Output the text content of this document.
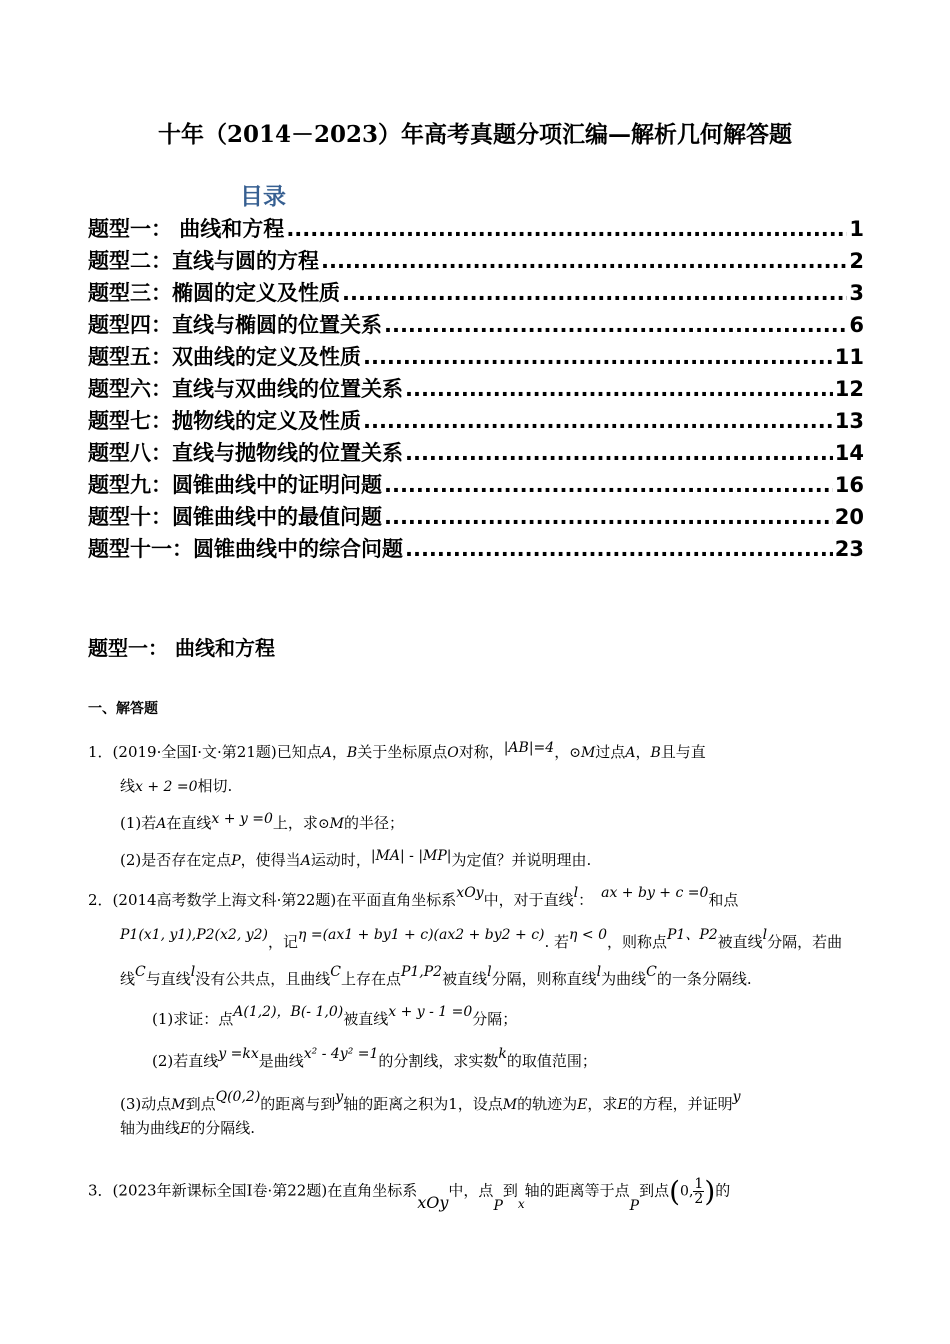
十年（2014－2023）年高考真题分项汇编—解析几何解答题
目录
题型一： 曲线和方程 .....	1
题型二：直线与圆的方程 .....	2
题型三：椭圆的定义及性质 .....	3
题型四：直线与椭圆的位置关系 .....	6
题型五：双曲线的定义及性质 .....	11
题型六：直线与双曲线的位置关系 .....	12
题型七：抛物线的定义及性质 .....	13
题型八：直线与抛物线的位置关系 .....	14
题型九：圆锥曲线中的证明问题 .....	16
题型十：圆锥曲线中的最值问题 .....	20
题型十一：圆锥曲线中的综合问题 .....	23
题型一： 曲线和方程
一、解答题
1．(2019·全国Ⅰ·文·第21题)已知点A，B关于坐标原点O对称，|AB|=4，⊙M过点A，B且与直
线x + 2 =0相切.
(1)若A在直线x + y =0上，求⊙M的半径；
(2)是否存在定点P，使得当A运动时，|MA| - |MP|为定值？并说明理由.
2．(2014高考数学上海文科·第22题)在平面直角坐标系xOy中，对于直线l： ax + by + c =0和点
P1(x1, y1),P2(x2, y2)，记η =(ax1 + by1 + c)(ax2 + by2 + c). 若η < 0，则称点P1、P2被直线l分隔，若曲
线C与直线l没有公共点，且曲线C上存在点P1,P2被直线l分隔，则称直线l为曲线C的一条分隔线.
(1)求证：点A(1,2)，B(- 1,0)被直线x + y - 1 =0分隔；
(2)若直线y =kx是曲线x² - 4y² =1的分割线，求实数k的取值范围；
(3)动点M到点Q(0,2)的距离与到y轴的距离之积为1，设点M的轨迹为E，求E的方程，并证明y
轴为曲线E的分隔线.
3．(2023年新课标全国Ⅰ卷·第22题)在直角坐标系xOy中，点P到$_x$轴的距离等于点P到点(0, $\frac{1}{2}$ )的
